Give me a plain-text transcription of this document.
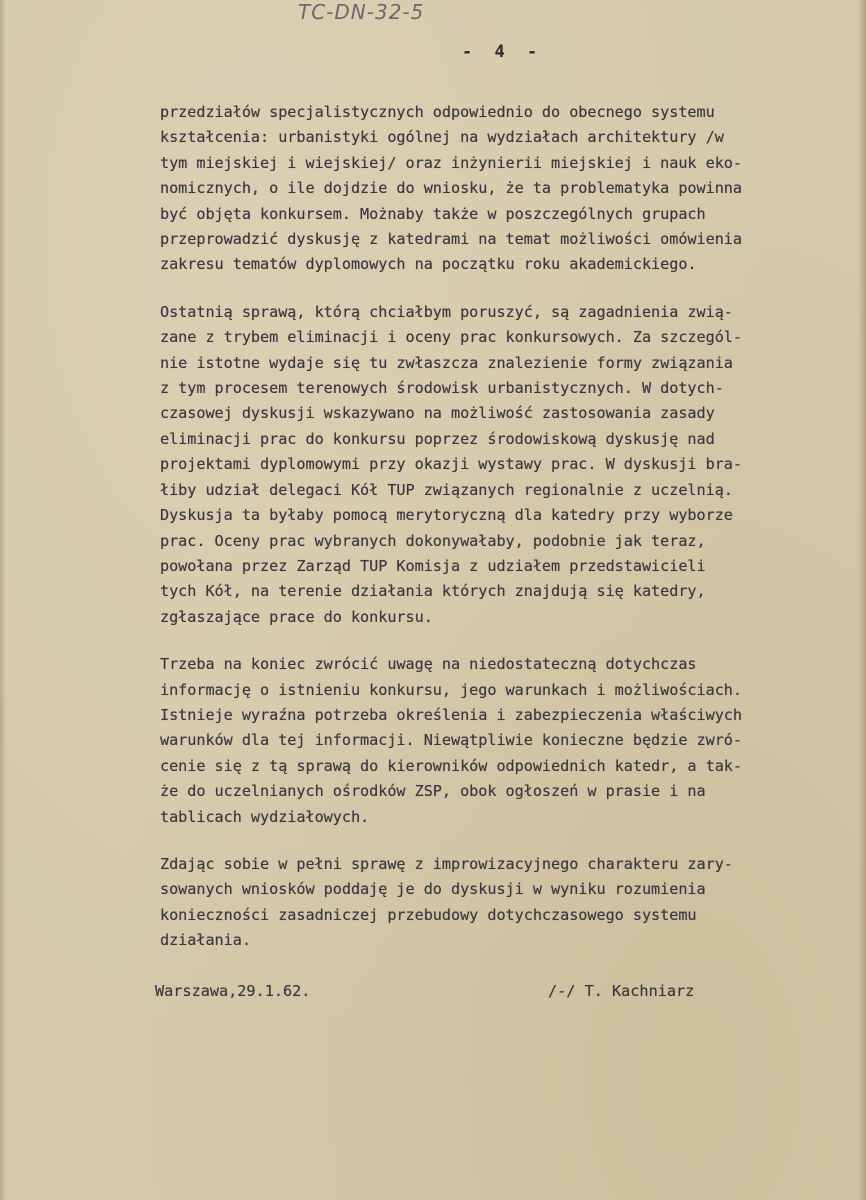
TC-DN-32-5
- 4 -
przedziałów specjalistycznych odpowiednio do obecnego systemu
kształcenia: urbanistyki ogólnej na wydziałach architektury /w
tym miejskiej i wiejskiej/ oraz inżynierii miejskiej i nauk eko-
nomicznych, o ile dojdzie do wniosku, że ta problematyka powinna
być objęta konkursem. Możnaby także w poszczególnych grupach
przeprowadzić dyskusję z katedrami na temat możliwości omówienia
zakresu tematów dyplomowych na początku roku akademickiego.
Ostatnią sprawą, którą chciałbym poruszyć, są zagadnienia zwią-
zane z trybem eliminacji i oceny prac konkursowych. Za szczegól-
nie istotne wydaje się tu zwłaszcza znalezienie formy związania
z tym procesem terenowych środowisk urbanistycznych. W dotych-
czasowej dyskusji wskazywano na możliwość zastosowania zasady
eliminacji prac do konkursu poprzez środowiskową dyskusję nad
projektami dyplomowymi przy okazji wystawy prac. W dyskusji bra-
łiby udział delegaci Kół TUP związanych regionalnie z uczelnią.
Dyskusja ta byłaby pomocą merytoryczną dla katedry przy wyborze
prac. Oceny prac wybranych dokonywałaby, podobnie jak teraz,
powołana przez Zarząd TUP Komisja z udziałem przedstawicieli
tych Kół, na terenie działania których znajdują się katedry,
zgłaszające prace do konkursu.
Trzeba na koniec zwrócić uwagę na niedostateczną dotychczas
informację o istnieniu konkursu, jego warunkach i możliwościach.
Istnieje wyraźna potrzeba określenia i zabezpieczenia właściwych
warunków dla tej informacji. Niewątpliwie konieczne będzie zwró-
cenie się z tą sprawą do kierowników odpowiednich katedr, a tak-
że do uczelnianych ośrodków ZSP, obok ogłoszeń w prasie i na
tablicach wydziałowych.
Zdając sobie w pełni sprawę z improwizacyjnego charakteru zary-
sowanych wniosków poddaję je do dyskusji w wyniku rozumienia
konieczności zasadniczej przebudowy dotychczasowego systemu
działania.
Warszawa,29.1.62.	/-/ T. Kachniarz
